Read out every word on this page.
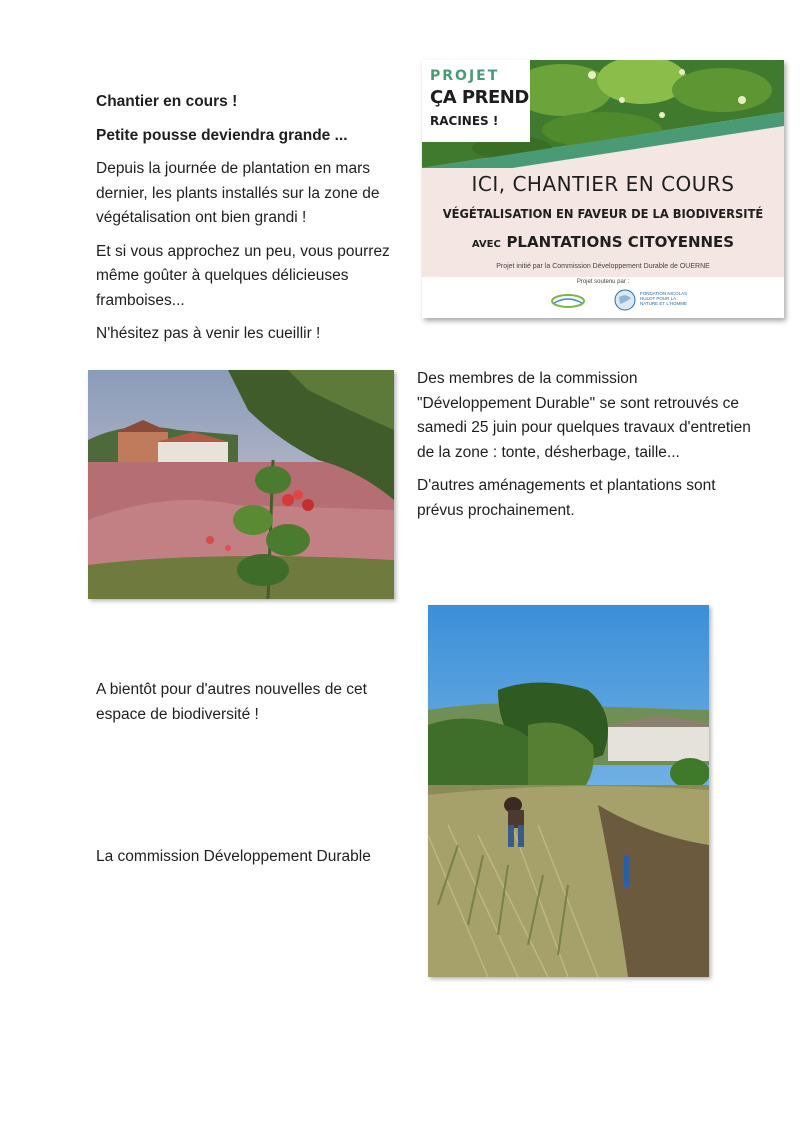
Chantier en cours !

Petite pousse deviendra grande ...

Depuis la journée de plantation en mars dernier, les plants installés sur la zone de végétalisation ont bien grandi !

Et si vous approchez un peu, vous pourrez même goûter à quelques délicieuses framboises...

N'hésitez pas à venir les cueillir !

PROJET
ÇA PREND
RACINES !
ICI, CHANTIER EN COURS
VÉGÉTALISATION EN FAVEUR DE LA BIODIVERSITÉ
AVEC PLANTATIONS CITOYENNES
Projet initié par la Commission Développement Durable de OUERNE
Projet soutenu par :
FONDATION NICOLAS HULOT POUR LA NATURE ET L'HOMME

Des membres de la commission "Développement Durable" se sont retrouvés ce samedi 25 juin pour quelques travaux d'entretien de la zone : tonte, désherbage, taille...

D'autres aménagements et plantations sont prévus prochainement.

A bientôt pour d'autres nouvelles de cet espace de biodiversité !

La commission Développement Durable
